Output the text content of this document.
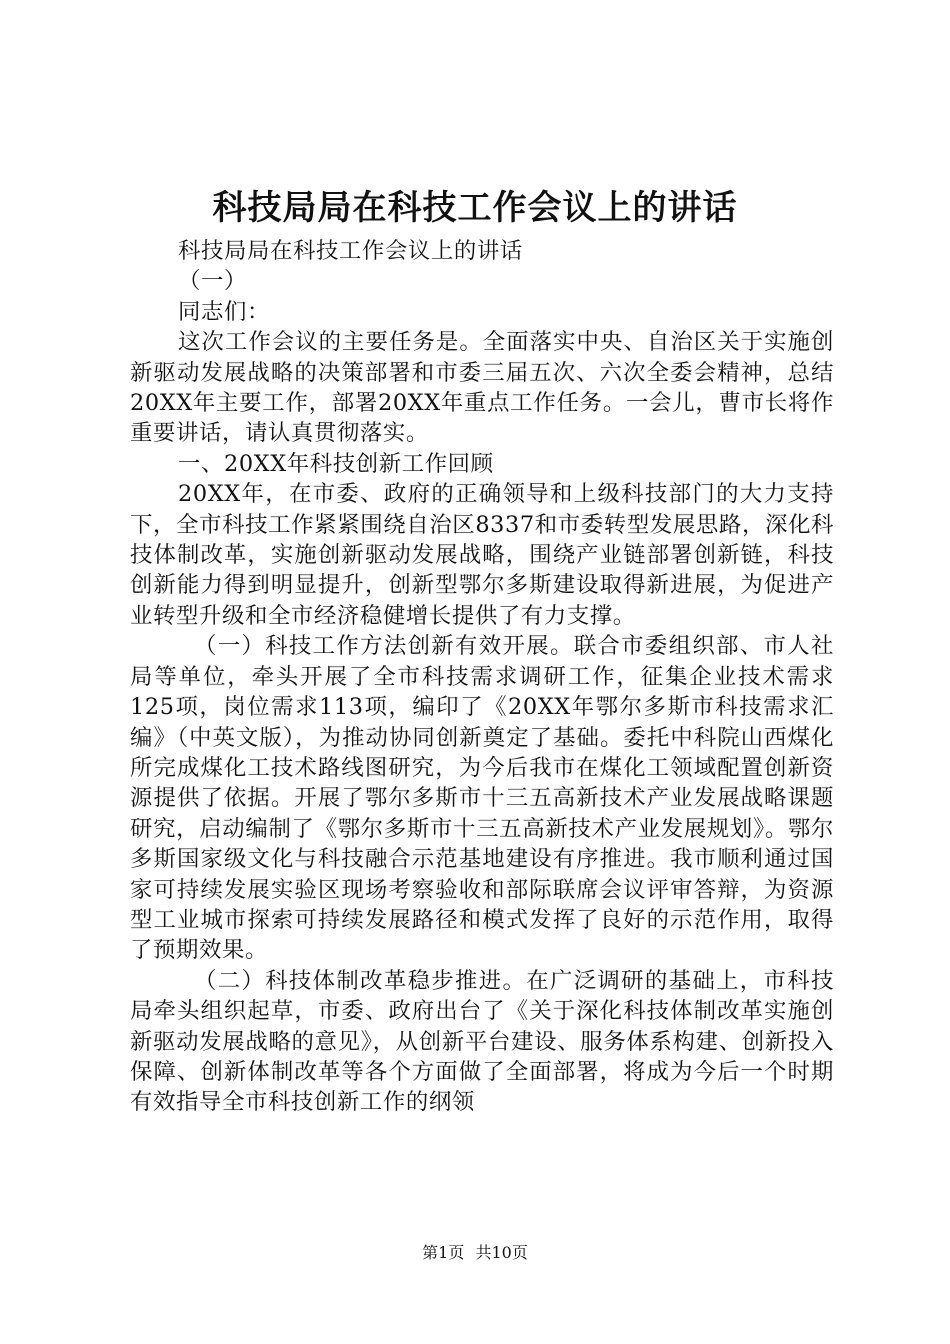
科技局局在科技工作会议上的讲话

科技局局在科技工作会议上的讲话

（一）

同志们：

这次工作会议的主要任务是。全面落实中央、自治区关于实施创新驱动发展战略的决策部署和市委三届五次、六次全委会精神，总结20XX年主要工作，部署20XX年重点工作任务。一会儿，曹市长将作重要讲话，请认真贯彻落实。

一、20XX年科技创新工作回顾

20XX年，在市委、政府的正确领导和上级科技部门的大力支持下，全市科技工作紧紧围绕自治区8337和市委转型发展思路，深化科技体制改革，实施创新驱动发展战略，围绕产业链部署创新链，科技创新能力得到明显提升，创新型鄂尔多斯建设取得新进展，为促进产业转型升级和全市经济稳健增长提供了有力支撑。

（一）科技工作方法创新有效开展。联合市委组织部、市人社局等单位，牵头开展了全市科技需求调研工作，征集企业技术需求125项，岗位需求113项，编印了《20XX年鄂尔多斯市科技需求汇编》（中英文版），为推动协同创新奠定了基础。委托中科院山西煤化所完成煤化工技术路线图研究，为今后我市在煤化工领域配置创新资源提供了依据。开展了鄂尔多斯市十三五高新技术产业发展战略课题研究，启动编制了《鄂尔多斯市十三五高新技术产业发展规划》。鄂尔多斯国家级文化与科技融合示范基地建设有序推进。我市顺利通过国家可持续发展实验区现场考察验收和部际联席会议评审答辩，为资源型工业城市探索可持续发展路径和模式发挥了良好的示范作用，取得了预期效果。

（二）科技体制改革稳步推进。在广泛调研的基础上，市科技局牵头组织起草，市委、政府出台了《关于深化科技体制改革实施创新驱动发展战略的意见》，从创新平台建设、服务体系构建、创新投入保障、创新体制改革等各个方面做了全面部署，将成为今后一个时期有效指导全市科技创新工作的纲领

第1页 共10页
